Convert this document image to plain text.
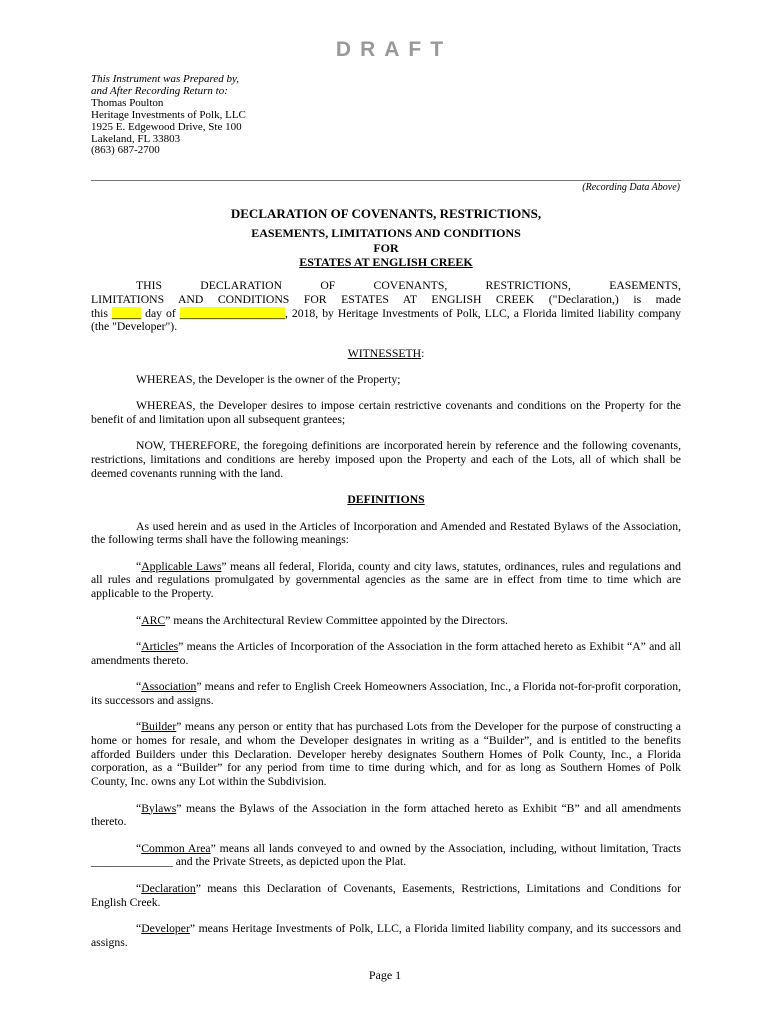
DRAFT
This Instrument was Prepared by,
and After Recording Return to:
Thomas Poulton
Heritage Investments of Polk, LLC
1925 E. Edgewood Drive, Ste 100
Lakeland, FL 33803
(863) 687-2700
(Recording Data Above)
DECLARATION OF COVENANTS, RESTRICTIONS,
EASEMENTS, LIMITATIONS AND CONDITIONS
FOR
ESTATES AT ENGLISH CREEK

THIS	DECLARATION	OF	COVENANTS,	RESTRICTIONS,	EASEMENTS,
LIMITATIONS AND CONDITIONS FOR ESTATES AT ENGLISH CREEK ("Declaration,) is made
this _____ day of __________________, 2018, by Heritage Investments of Polk, LLC, a Florida limited liability company (the "Developer").

WITNESSETH:

WHEREAS, the Developer is the owner of the Property;

WHEREAS, the Developer desires to impose certain restrictive covenants and conditions on the Property for the benefit of and limitation upon all subsequent grantees;

NOW, THEREFORE, the foregoing definitions are incorporated herein by reference and the following covenants, restrictions, limitations and conditions are hereby imposed upon the Property and each of the Lots, all of which shall be deemed covenants running with the land.

DEFINITIONS

As used herein and as used in the Articles of Incorporation and Amended and Restated Bylaws of the Association, the following terms shall have the following meanings:

“Applicable Laws” means all federal, Florida, county and city laws, statutes, ordinances, rules and regulations and all rules and regulations promulgated by governmental agencies as the same are in effect from time to time which are applicable to the Property.

“ARC” means the Architectural Review Committee appointed by the Directors.

“Articles” means the Articles of Incorporation of the Association in the form attached hereto as Exhibit “A” and all amendments thereto.

“Association” means and refer to English Creek Homeowners Association, Inc., a Florida not-for-profit corporation, its successors and assigns.

“Builder” means any person or entity that has purchased Lots from the Developer for the purpose of constructing a home or homes for resale, and whom the Developer designates in writing as a “Builder”, and is entitled to the benefits afforded Builders under this Declaration. Developer hereby designates Southern Homes of Polk County, Inc., a Florida corporation, as a “Builder” for any period from time to time during which, and for as long as Southern Homes of Polk County, Inc. owns any Lot within the Subdivision.

“Bylaws” means the Bylaws of the Association in the form attached hereto as Exhibit “B” and all amendments thereto.

“Common Area” means all lands conveyed to and owned by the Association, including, without limitation, Tracts ______________ and the Private Streets, as depicted upon the Plat.

“Declaration” means this Declaration of Covenants, Easements, Restrictions, Limitations and Conditions for English Creek.

“Developer” means Heritage Investments of Polk, LLC, a Florida limited liability company, and its successors and assigns.

Page 1
